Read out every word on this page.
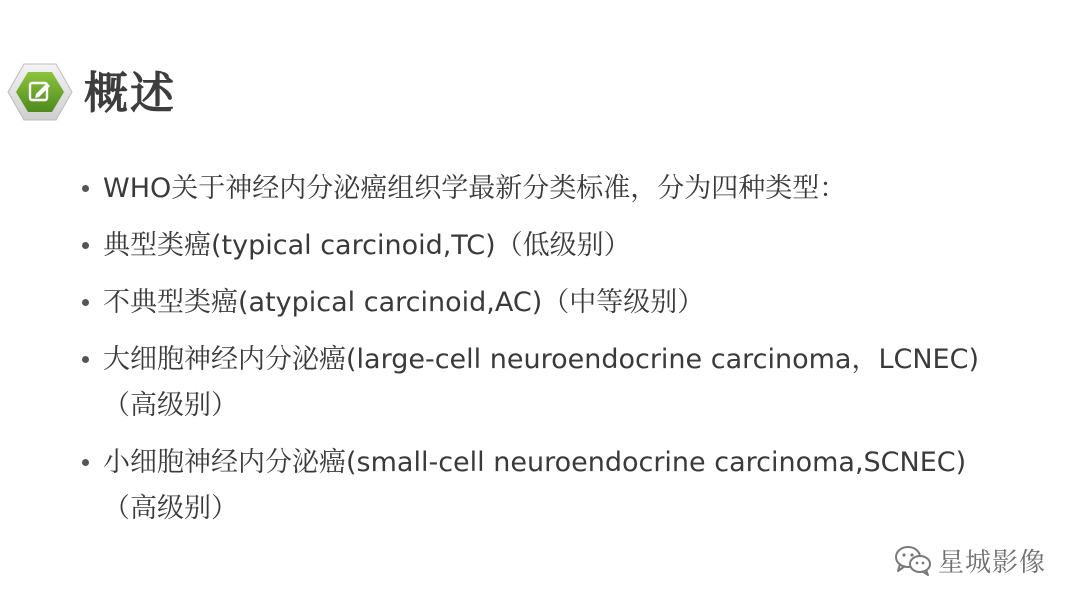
概述
WHO关于神经内分泌癌组织学最新分类标准，分为四种类型：
典型类癌(typical carcinoid,TC)（低级别）
不典型类癌(atypical carcinoid,AC)（中等级别）
大细胞神经内分泌癌(large-cell neuroendocrine carcinoma，LCNEC)（高级别）
小细胞神经内分泌癌(small-cell neuroendocrine carcinoma,SCNEC)（高级别）
星城影像
